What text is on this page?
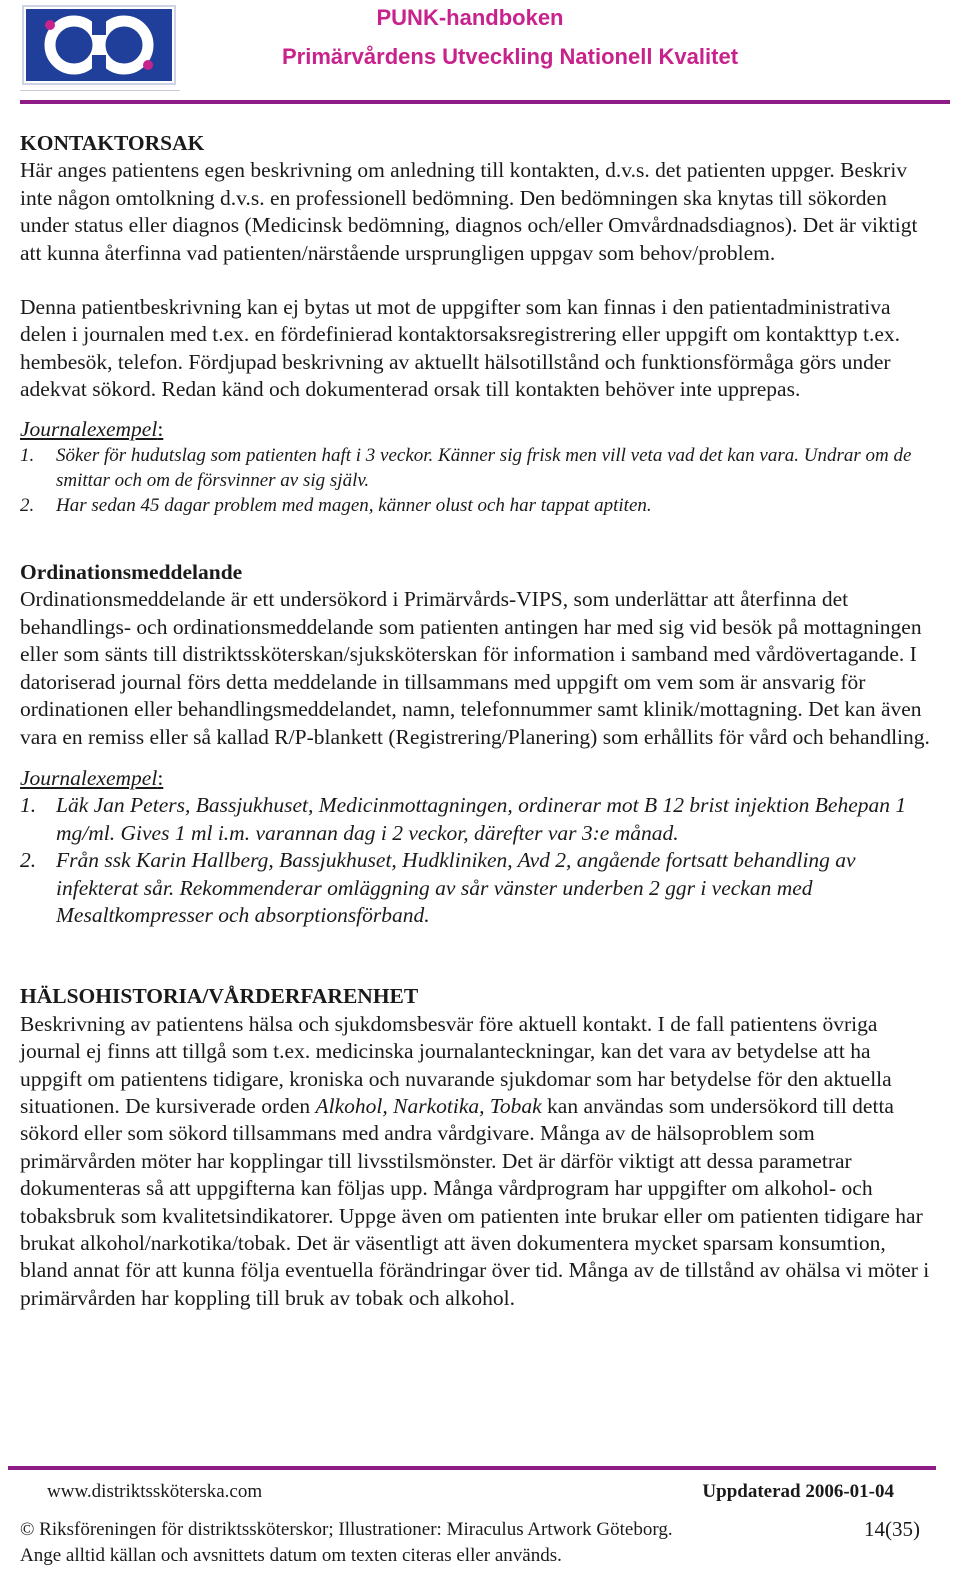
PUNK-handboken
Primärvårdens Utveckling Nationell Kvalitet
KONTAKTORSAK

Här anges patientens egen beskrivning om anledning till kontakten, d.v.s. det patienten uppger. Beskriv inte någon omtolkning d.v.s. en professionell bedömning. Den bedömningen ska knytas till sökorden under status eller diagnos (Medicinsk bedömning, diagnos och/eller Omvårdnadsdiagnos). Det är viktigt att kunna återfinna vad patienten/närstående ursprungligen uppgav som behov/problem.

Denna patientbeskrivning kan ej bytas ut mot de uppgifter som kan finnas i den patientadministrativa delen i journalen med t.ex. en fördefinierad kontaktorsaksregistrering eller uppgift om kontakttyp t.ex. hembesök, telefon. Fördjupad beskrivning av aktuellt hälsotillstånd och funktionsförmåga görs under adekvat sökord. Redan känd och dokumenterad orsak till kontakten behöver inte upprepas.

Journalexempel:
1. Söker för hudutslag som patienten haft i 3 veckor. Känner sig frisk men vill veta vad det kan vara. Undrar om de smittar och om de försvinner av sig själv.
2. Har sedan 45 dagar problem med magen, känner olust och har tappat aptiten.
Ordinationsmeddelande

Ordinationsmeddelande är ett undersökord i Primärvårds-VIPS, som underlättar att återfinna det behandlings- och ordinationsmeddelande som patienten antingen har med sig vid besök på mottagningen eller som sänts till distriktssköterskan/sjuksköterskan för information i samband med vårdövertagande. I datoriserad journal förs detta meddelande in tillsammans med uppgift om vem som är ansvarig för ordinationen eller behandlingsmeddelandet, namn, telefonnummer samt klinik/mottagning. Det kan även vara en remiss eller så kallad R/P-blankett (Registrering/Planering) som erhållits för vård och behandling.

Journalexempel:
1. Läk Jan Peters, Bassjukhuset, Medicinmottagningen, ordinerar mot B 12 brist injektion Behepan 1 mg/ml. Gives 1 ml i.m. varannan dag i 2 veckor, därefter var 3:e månad.
2. Från ssk Karin Hallberg, Bassjukhuset, Hudkliniken, Avd 2, angående fortsatt behandling av infekterat sår. Rekommenderar omläggning av sår vänster underben 2 ggr i veckan med Mesaltkompresser och absorptionsförband.
HÄLSOHISTORIA/VÅRDERFARENHET

Beskrivning av patientens hälsa och sjukdomsbesvär före aktuell kontakt. I de fall patientens övriga journal ej finns att tillgå som t.ex. medicinska journalanteckningar, kan det vara av betydelse att ha uppgift om patientens tidigare, kroniska och nuvarande sjukdomar som har betydelse för den aktuella situationen. De kursiverade orden Alkohol, Narkotika, Tobak kan användas som undersökord till detta sökord eller som sökord tillsammans med andra vårdgivare. Många av de hälsoproblem som primärvården möter har kopplingar till livsstilsmönster. Det är därför viktigt att dessa parametrar dokumenteras så att uppgifterna kan följas upp. Många vårdprogram har uppgifter om alkohol- och tobaksbruk som kvalitetsindikatorer. Uppge även om patienten inte brukar eller om patienten tidigare har brukat alkohol/narkotika/tobak. Det är väsentligt att även dokumentera mycket sparsam konsumtion, bland annat för att kunna följa eventuella förändringar över tid. Många av de tillstånd av ohälsa vi möter i primärvården har koppling till bruk av tobak och alkohol.

www.distriktssköterska.com	Uppdaterad 2006-01-04
© Riksföreningen för distriktssköterskor; Illustrationer: Miraculus Artwork Göteborg.	14(35)
Ange alltid källan och avsnittets datum om texten citeras eller används.
